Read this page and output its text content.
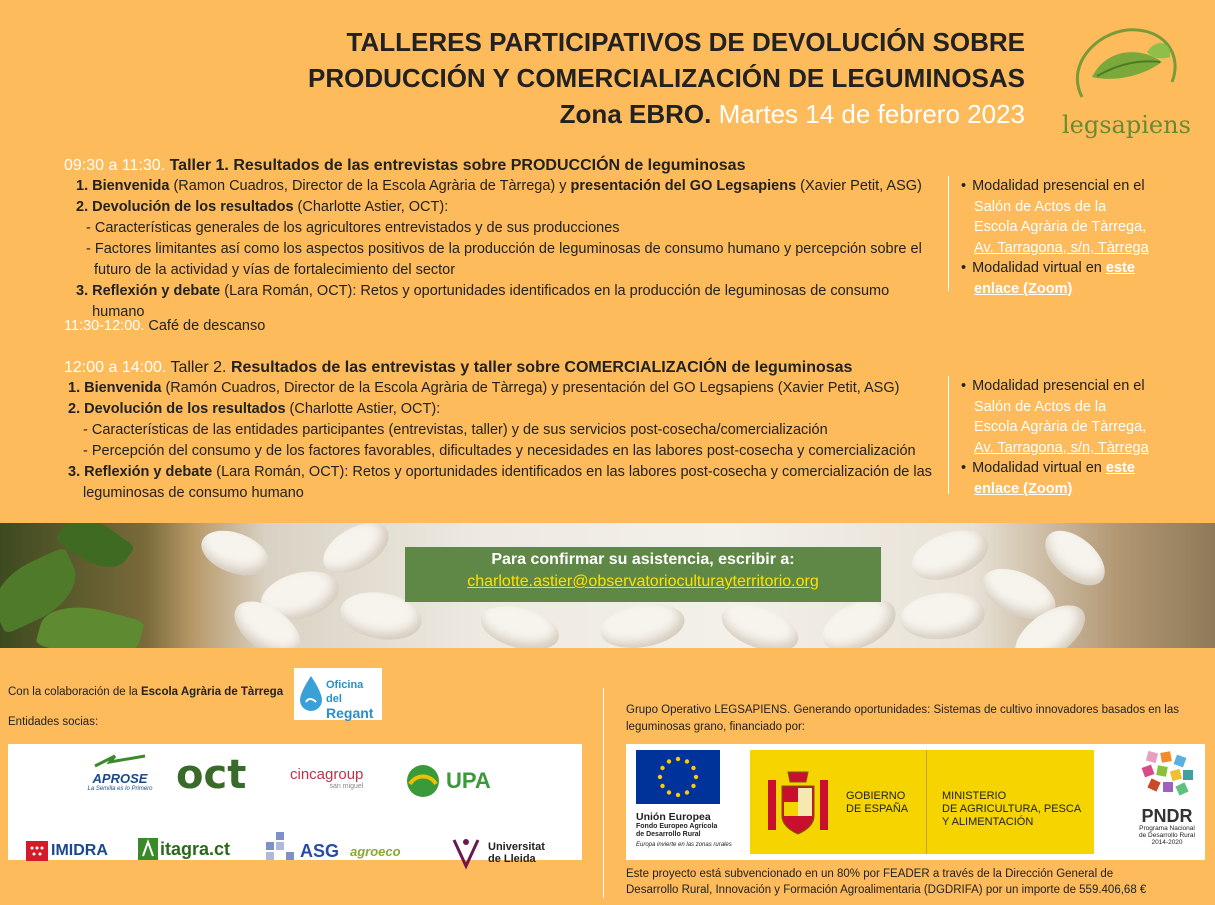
TALLERES PARTICIPATIVOS DE DEVOLUCIÓN SOBRE
PRODUCCIÓN Y COMERCIALIZACIÓN DE LEGUMINOSAS
Zona EBRO. Martes 14 de febrero 2023 legsapiens
09:30 a 11:30. Taller 1. Resultados de las entrevistas sobre PRODUCCIÓN de leguminosas
1. Bienvenida (Ramon Cuadros, Director de la Escola Agrària de Tàrrega) y presentación del GO Legsapiens (Xavier Petit, ASG)
2. Devolución de los resultados (Charlotte Astier, OCT):
- Características generales de los agricultores entrevistados y de sus producciones
- Factores limitantes así como los aspectos positivos de la producción de leguminosas de consumo humano y percepción sobre el
futuro de la actividad y vías de fortalecimiento del sector
3. Reflexión y debate (Lara Román, OCT): Retos y oportunidades identificados en la producción de leguminosas de consumo humano
• Modalidad presencial en el
Salón de Actos de la
Escola Agrària de Tàrrega,
Av. Tarragona, s/n, Tàrrega
• Modalidad virtual en este
enlace (Zoom)
11:30-12:00. Café de descanso
12:00 a 14:00. Taller 2. Resultados de las entrevistas y taller sobre COMERCIALIZACIÓN de leguminosas
1. Bienvenida (Ramón Cuadros, Director de la Escola Agrària de Tàrrega) y presentación del GO Legsapiens (Xavier Petit, ASG)
2. Devolución de los resultados (Charlotte Astier, OCT):
- Características de las entidades participantes (entrevistas, taller) y de sus servicios post-cosecha/comercialización
- Percepción del consumo y de los factores favorables, dificultades y necesidades en las labores post-cosecha y comercialización
3. Reflexión y debate (Lara Román, OCT): Retos y oportunidades identificados en las labores post-cosecha y comercialización de las
leguminosas de consumo humano
• Modalidad presencial en el
Salón de Actos de la
Escola Agrària de Tàrrega,
Av. Tarragona, s/n, Tàrrega
• Modalidad virtual en este
enlace (Zoom)
Para confirmar su asistencia, escribir a:
charlotte.astier@observatorioculturayterritorio.org
Con la colaboración de la Escola Agrària de Tàrrega
Oficina del
Regant
Entidades socias:
APROSE
La Semilla es lo Primero oct	cincagroup
san miguel	UPA
IMIDRA	itagra.ct	ASG agroeco	Universitat
de Lleida
Grupo Operativo LEGSAPIENS. Generando oportunidades: Sistemas de cultivo innovadores basados en las
leguminosas grano, financiado por:
Unión Europea
Fondo Europeo Agrícola
de Desarrollo Rural
Europa invierte en las zonas rurales
GOBIERNO
DE ESPAÑA
MINISTERIO
DE AGRICULTURA, PESCA
Y ALIMENTACIÓN	PNDR
Programa Nacional
de Desarrollo Rural
2014-2020
Este proyecto está subvencionado en un 80% por FEADER a través de la Dirección General de
Desarrollo Rural, Innovación y Formación Agroalimentaria (DGDRIFA) por un importe de 559.406,68 €
